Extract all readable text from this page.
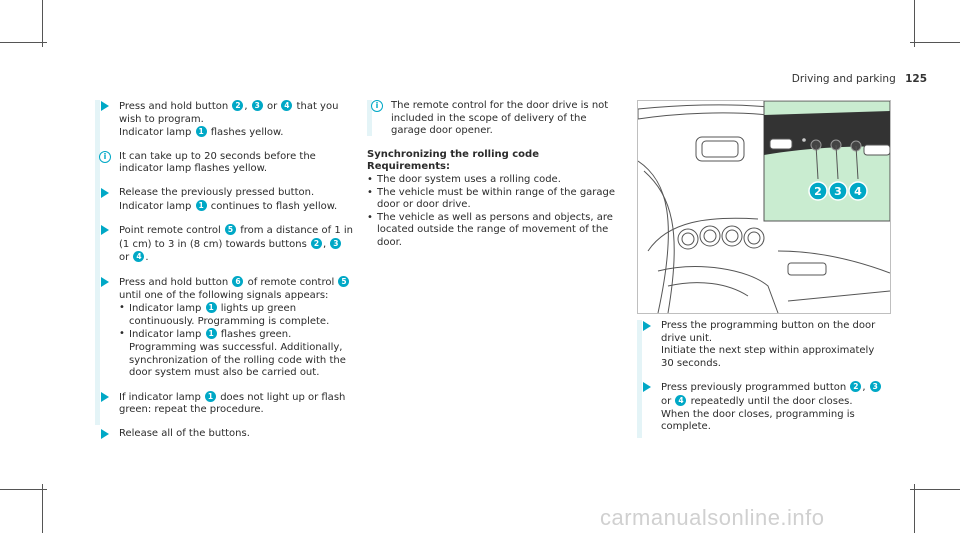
Driving and parking 125
Press and hold button 2 , 3 or 4 that you wish to program.
Indicator lamp 1 flashes yellow.
i	It can take up to 20 seconds before the indicator lamp flashes yellow.
Release the previously pressed button.
Indicator lamp 1 continues to flash yellow.
Point remote control 5 from a distance of 1 in (1 cm) to 3 in (8 cm) towards buttons 2 , 3 or 4 .
Press and hold button 6 of remote control 5 until one of the following signals appears:
• Indicator lamp 1 lights up green continuously. Programming is complete.
• Indicator lamp 1 flashes green. Programming was successful. Additionally, synchronization of the rolling code with the door system must also be carried out.
If indicator lamp 1 does not light up or flash green: repeat the procedure.
Release all of the buttons.
i	The remote control for the door drive is not included in the scope of delivery of the garage door opener.
Synchronizing the rolling code
Requirements:
• The door system uses a rolling code.
• The vehicle must be within range of the garage door or door drive.
• The vehicle as well as persons and objects, are located outside the range of movement of the door.
2 3 4
Press the programming button on the door drive unit.
Initiate the next step within approximately 30 seconds.
Press previously programmed button 2 , 3 or 4 repeatedly until the door closes.
When the door closes, programming is complete.
carmanualsonline.info
